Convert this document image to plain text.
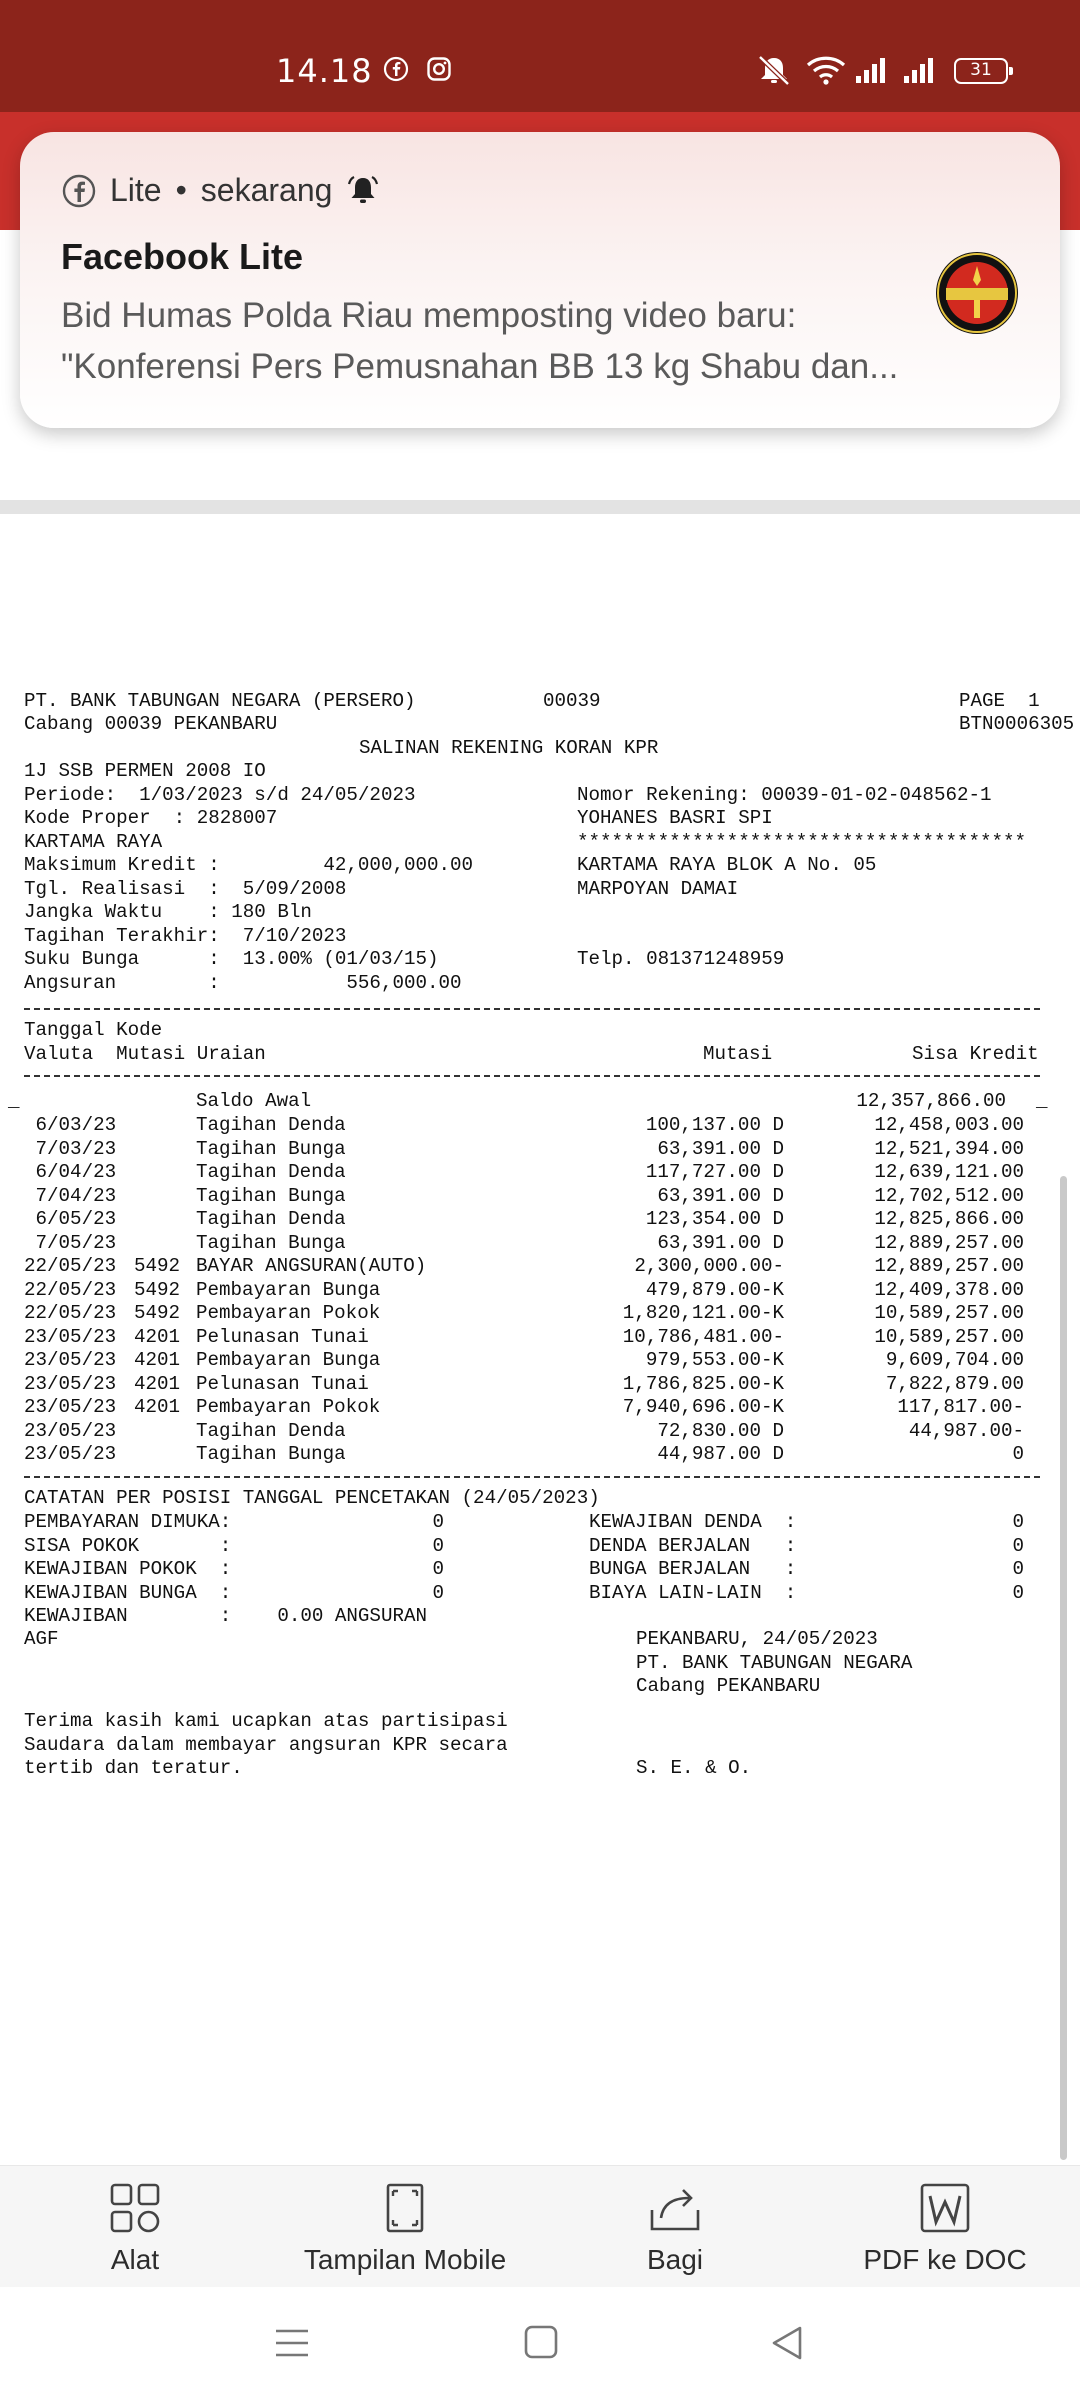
14.18	31
Lite • sekarang
Facebook Lite
Bid Humas Polda Riau memposting video baru:
"Konferensi Pers Pemusnahan BB 13 kg Shabu dan...
PT. BANK TABUNGAN NEGARA (PERSERO)	00039	PAGE  1
Cabang 00039 PEKANBARU	BTN0006305
SALINAN REKENING KORAN KPR
1J SSB PERMEN 2008 IO
Periode:  1/03/2023 s/d 24/05/2023	Nomor Rekening: 00039-01-02-048562-1
Kode Proper  : 2828007	YOHANES BASRI SPI
KARTAMA RAYA	***************************************
Maksimum Kredit :         42,000,000.00	KARTAMA RAYA BLOK A No. 05
Tgl. Realisasi  :  5/09/2008	MARPOYAN DAMAI
Jangka Waktu    : 180 Bln
Tagihan Terakhir:  7/10/2023
Suku Bunga      :  13.00% (01/03/15)	Telp. 081371248959
Angsuran        :           556,000.00
Tanggal Kode
Valuta  Mutasi Uraian	Mutasi	Sisa Kredit
_	Saldo Awal	12,357,866.00 _
6/03/23	Tagihan Denda	100,137.00 D	12,458,003.00
7/03/23	Tagihan Bunga	63,391.00 D	12,521,394.00
6/04/23	Tagihan Denda	117,727.00 D	12,639,121.00
7/04/23	Tagihan Bunga	63,391.00 D	12,702,512.00
6/05/23	Tagihan Denda	123,354.00 D	12,825,866.00
7/05/23	Tagihan Bunga	63,391.00 D	12,889,257.00
22/05/23 5492 BAYAR ANGSURAN(AUTO)	2,300,000.00-	12,889,257.00
22/05/23 5492 Pembayaran Bunga	479,879.00-K	12,409,378.00
22/05/23 5492 Pembayaran Pokok	1,820,121.00-K	10,589,257.00
23/05/23 4201 Pelunasan Tunai	10,786,481.00-	10,589,257.00
23/05/23 4201 Pembayaran Bunga	979,553.00-K	9,609,704.00
23/05/23 4201 Pelunasan Tunai	1,786,825.00-K	7,822,879.00
23/05/23 4201 Pembayaran Pokok	7,940,696.00-K	117,817.00-
23/05/23	Tagihan Denda	72,830.00 D	44,987.00-
23/05/23	Tagihan Bunga	44,987.00 D	0
CATATAN PER POSISI TANGGAL PENCETAKAN (24/05/2023)
PEMBAYARAN DIMUKA:	0
SISA POKOK       :	0
KEWAJIBAN POKOK  :	0
KEWAJIBAN BUNGA  :	0
KEWAJIBAN DENDA  :	0
DENDA BERJALAN   :	0
BUNGA BERJALAN   :	0
BIAYA LAIN-LAIN  :	0
KEWAJIBAN        :    0.00 ANGSURAN
AGF	PEKANBARU, 24/05/2023
PT. BANK TABUNGAN NEGARA
Cabang PEKANBARU
Terima kasih kami ucapkan atas partisipasi
Saudara dalam membayar angsuran KPR secara
tertib dan teratur.	S. E. & O.
Alat	Tampilan Mobile	Bagi	PDF ke DOC
